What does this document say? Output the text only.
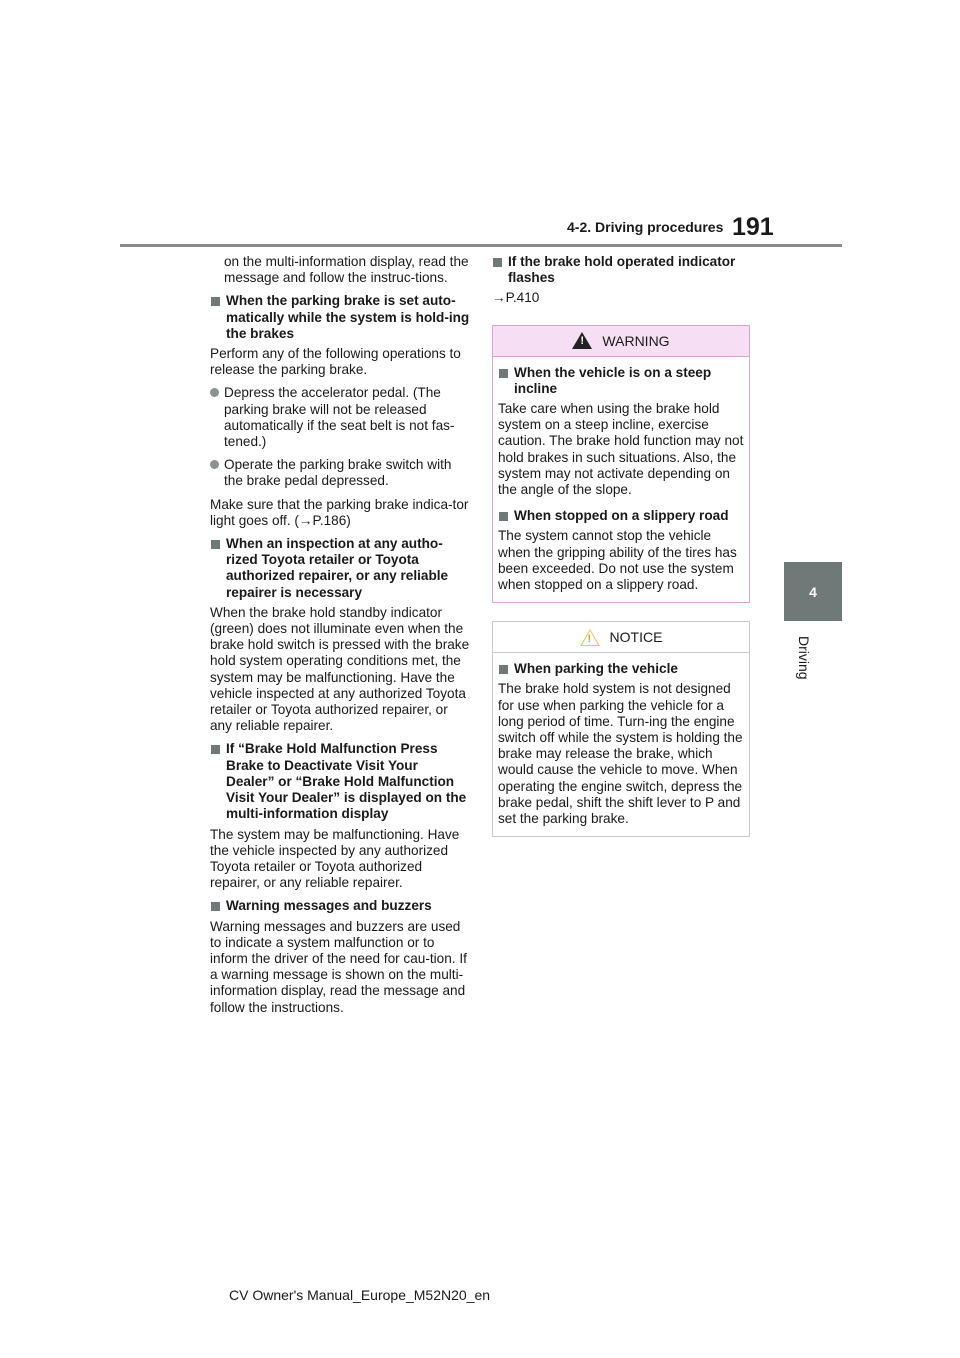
4-2. Driving procedures 191
4
Driving

on the multi-information display, read the message and follow the instruc-tions.

When the parking brake is set auto-matically while the system is hold-ing the brakes

Perform any of the following operations to release the parking brake.

Depress the accelerator pedal. (The parking brake will not be released automatically if the seat belt is not fas-tened.)
Operate the parking brake switch with the brake pedal depressed.

Make sure that the parking brake indica-tor light goes off. (→P.186)

When an inspection at any autho-rized Toyota retailer or Toyota authorized repairer, or any reliable repairer is necessary

When the brake hold standby indicator (green) does not illuminate even when the brake hold switch is pressed with the brake hold system operating conditions met, the system may be malfunctioning. Have the vehicle inspected at any authorized Toyota retailer or Toyota authorized repairer, or any reliable repairer.

If “Brake Hold Malfunction Press Brake to Deactivate Visit Your Dealer” or “Brake Hold Malfunction Visit Your Dealer” is displayed on the multi-information display

The system may be malfunctioning. Have the vehicle inspected by any authorized Toyota retailer or Toyota authorized repairer, or any reliable repairer.

Warning messages and buzzers

Warning messages and buzzers are used to indicate a system malfunction or to inform the driver of the need for cau-tion. If a warning message is shown on the multi-information display, read the message and follow the instructions.

If the brake hold operated indicator flashes

→P.410

! WARNING
When the vehicle is on a steep incline

Take care when using the brake hold system on a steep incline, exercise caution. The brake hold function may not hold brakes in such situations. Also, the system may not activate depending on the angle of the slope.

When stopped on a slippery road

The system cannot stop the vehicle when the gripping ability of the tires has been exceeded. Do not use the system when stopped on a slippery road.

! NOTICE
When parking the vehicle

The brake hold system is not designed for use when parking the vehicle for a long period of time. Turn-ing the engine switch off while the system is holding the brake may release the brake, which would cause the vehicle to move. When operating the engine switch, depress the brake pedal, shift the shift lever to P and set the parking brake.

CV Owner's Manual_Europe_M52N20_en
